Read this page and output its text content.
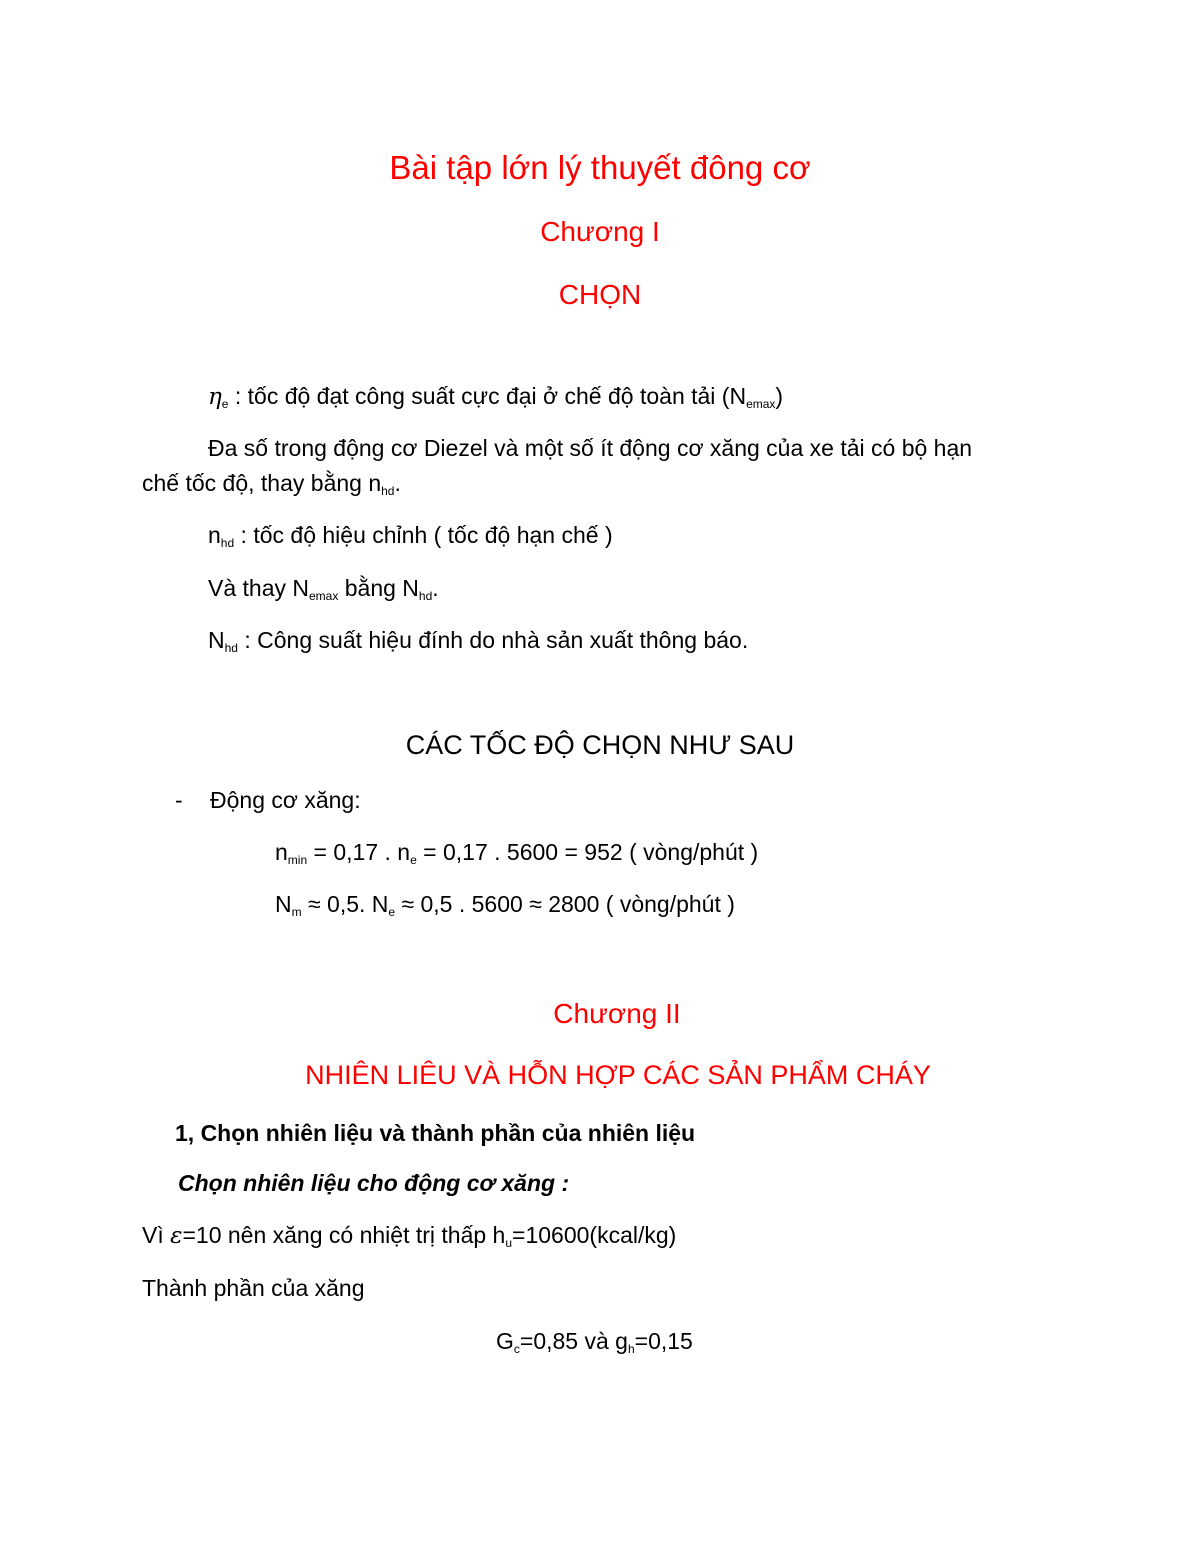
Bài tập lớn lý thuyết đông cơ
Chương I
CHỌN
$\eta_e$ : tốc độ đạt công suất cực đại ở chế độ toàn tải $(N_{emax})$
Đa số trong động cơ Diezel và một số ít động cơ xăng của xe tải có bộ hạn
chế tốc độ, thay bằng $n_{hd}$.
$n_{hd}$ : tốc độ hiệu chỉnh ( tốc độ hạn chế )
Và thay $N_{emax}$ bằng $N_{hd}$.
$N_{hd}$ : Công suất hiệu đính do nhà sản xuất thông báo.
CÁC TỐC ĐỘ CHỌN NHƯ SAU
- Động cơ xăng:
$n_{min} = 0,17$ . $n_e = 0,17$ . 5600 = 952 ( vòng/phút )
$N_m \approx 0,5$. $N_e \approx 0,5$ . 5600 ≈ 2800 ( vòng/phút )
Chương II
NHIÊN LIÊU VÀ HỖN HỢP CÁC SẢN PHẨM CHÁY
1, Chọn nhiên liệu và thành phần của nhiên liệu
Chọn nhiên liệu cho động cơ xăng :
Vì ε=10 nên xăng có nhiệt trị thấp $h_u=10600(kcal/kg)$
Thành phần của xăng
$G_c=0,85$ và $g_h=0,15$
